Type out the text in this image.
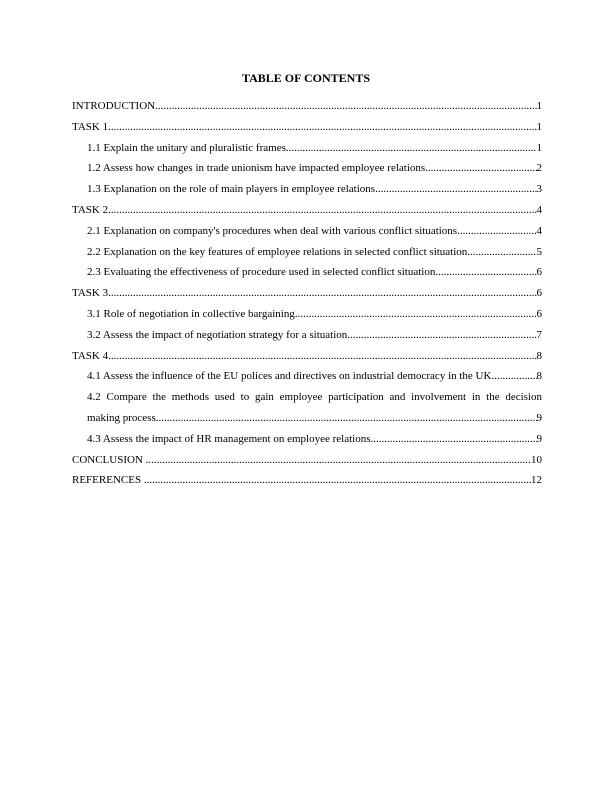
TABLE OF CONTENTS
INTRODUCTION .....	1
TASK 1 .....	1
1.1 Explain the unitary and pluralistic frames .....	1
1.2 Assess how changes in trade unionism have impacted employee relations .....	2
1.3 Explanation on the role of main players in employee relations .....	3
TASK 2 .....	4
2.1 Explanation on company's procedures when deal with various conflict situations .....	4
2.2 Explanation on the key features of employee relations in selected conflict situation .....	5
2.3 Evaluating the effectiveness of procedure used in selected conflict situation .....	6
TASK 3 .....	6
3.1 Role of negotiation in collective bargaining .....	6
3.2 Assess the impact of negotiation strategy for a situation .....	7
TASK 4 .....	8
4.1 Assess the influence of the EU polices and directives on industrial democracy in the UK .....	8
4.2 Compare the methods used to gain employee participation and involvement in the decision
making process .....	9
4.3 Assess the impact of HR management on employee relations .....	9
CONCLUSION .....	10
REFERENCES .....	12
